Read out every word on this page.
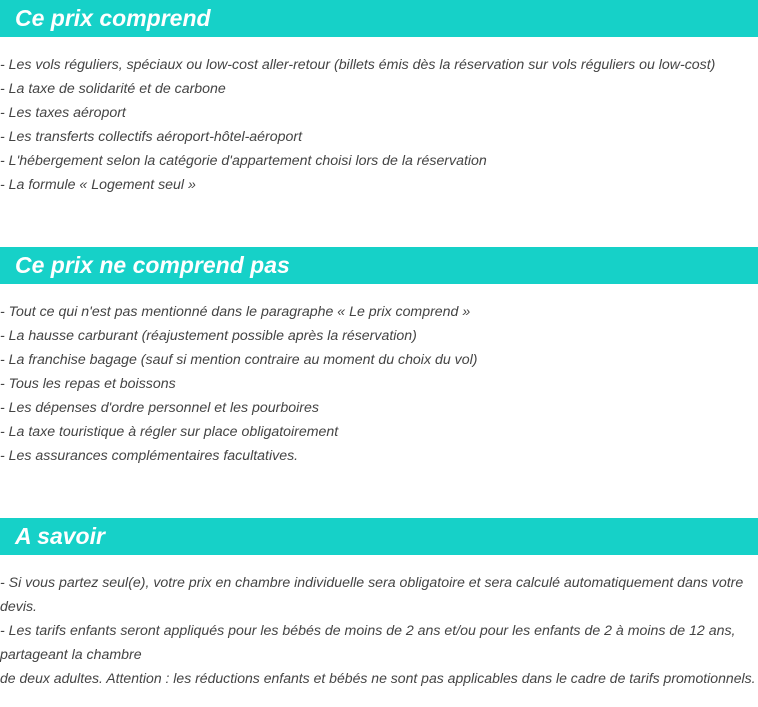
Ce prix comprend
- Les vols réguliers, spéciaux ou low-cost aller-retour (billets émis dès la réservation sur vols réguliers ou low-cost)
- La taxe de solidarité et de carbone
- Les taxes aéroport
- Les transferts collectifs aéroport-hôtel-aéroport
- L'hébergement selon la catégorie d'appartement choisi lors de la réservation
- La formule « Logement seul »
Ce prix ne comprend pas
- Tout ce qui n'est pas mentionné dans le paragraphe « Le prix comprend »
- La hausse carburant (réajustement possible après la réservation)
- La franchise bagage (sauf si mention contraire au moment du choix du vol)
- Tous les repas et boissons
- Les dépenses d'ordre personnel et les pourboires
- La taxe touristique à régler sur place obligatoirement
- Les assurances complémentaires facultatives.
A savoir
- Si vous partez seul(e), votre prix en chambre individuelle sera obligatoire et sera calculé automatiquement dans votre
devis.
- Les tarifs enfants seront appliqués pour les bébés de moins de 2 ans et/ou pour les enfants de 2 à moins de 12 ans,
partageant la chambre
de deux adultes. Attention : les réductions enfants et bébés ne sont pas applicables dans le cadre de tarifs promotionnels.
